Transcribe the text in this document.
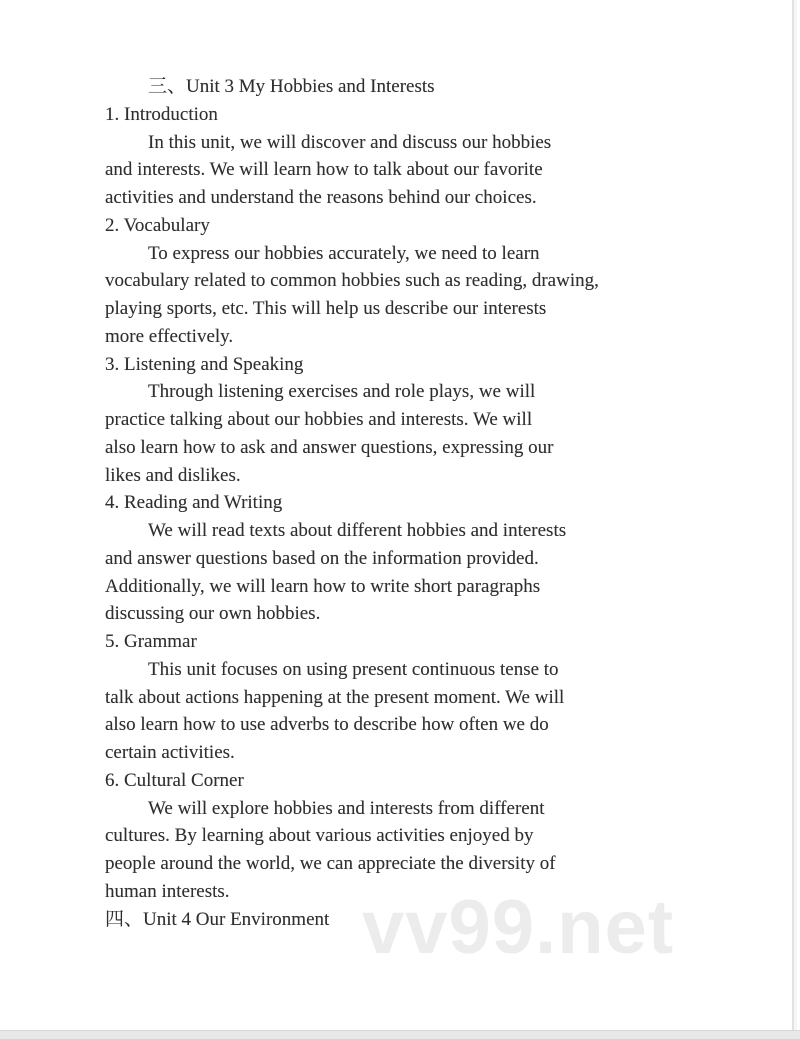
vv99.net
三、Unit 3 My Hobbies and Interests
1. Introduction
In this unit, we will discover and discuss our hobbies
and interests. We will learn how to talk about our favorite
activities and understand the reasons behind our choices.
2. Vocabulary
To express our hobbies accurately, we need to learn
vocabulary related to common hobbies such as reading, drawing,
playing sports, etc. This will help us describe our interests
more effectively.
3. Listening and Speaking
Through listening exercises and role plays, we will
practice talking about our hobbies and interests. We will
also learn how to ask and answer questions, expressing our
likes and dislikes.
4. Reading and Writing
We will read texts about different hobbies and interests
and answer questions based on the information provided.
Additionally, we will learn how to write short paragraphs
discussing our own hobbies.
5. Grammar
This unit focuses on using present continuous tense to
talk about actions happening at the present moment. We will
also learn how to use adverbs to describe how often we do
certain activities.
6. Cultural Corner
We will explore hobbies and interests from different
cultures. By learning about various activities enjoyed by
people around the world, we can appreciate the diversity of
human interests.
四、Unit 4 Our Environment
